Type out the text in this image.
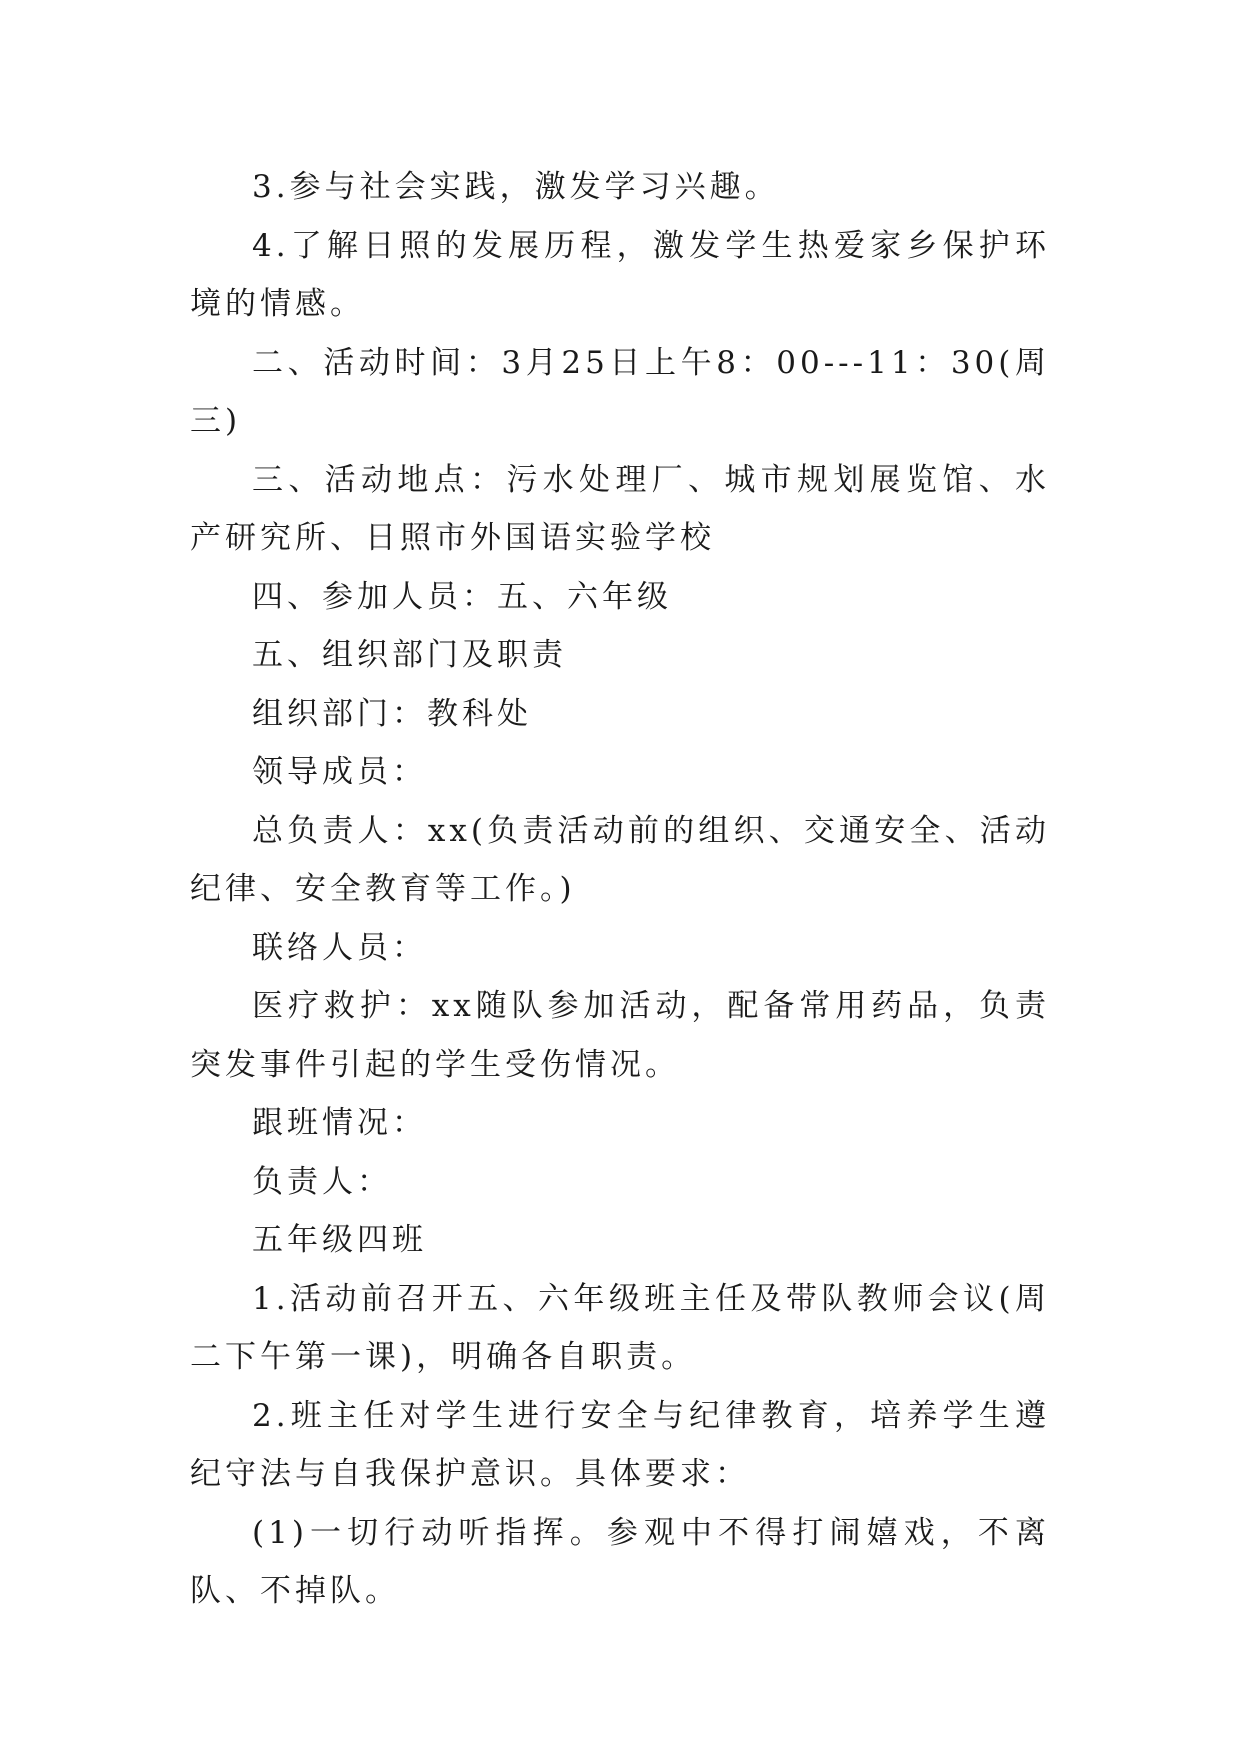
3.参与社会实践，激发学习兴趣。

4.了解日照的发展历程，激发学生热爱家乡保护环境的情感。

二、活动时间：3月25日上午8：00---11：30(周三)

三、活动地点：污水处理厂、城市规划展览馆、水产研究所、日照市外国语实验学校

四、参加人员：五、六年级

五、组织部门及职责

组织部门：教科处

领导成员：

总负责人：xx(负责活动前的组织、交通安全、活动纪律、安全教育等工作。)

联络人员：

医疗救护：xx随队参加活动，配备常用药品，负责突发事件引起的学生受伤情况。

跟班情况：

负责人：

五年级四班

1.活动前召开五、六年级班主任及带队教师会议(周二下午第一课)，明确各自职责。

2.班主任对学生进行安全与纪律教育，培养学生遵纪守法与自我保护意识。具体要求：

(1)一切行动听指挥。参观中不得打闹嬉戏，不离队、不掉队。
